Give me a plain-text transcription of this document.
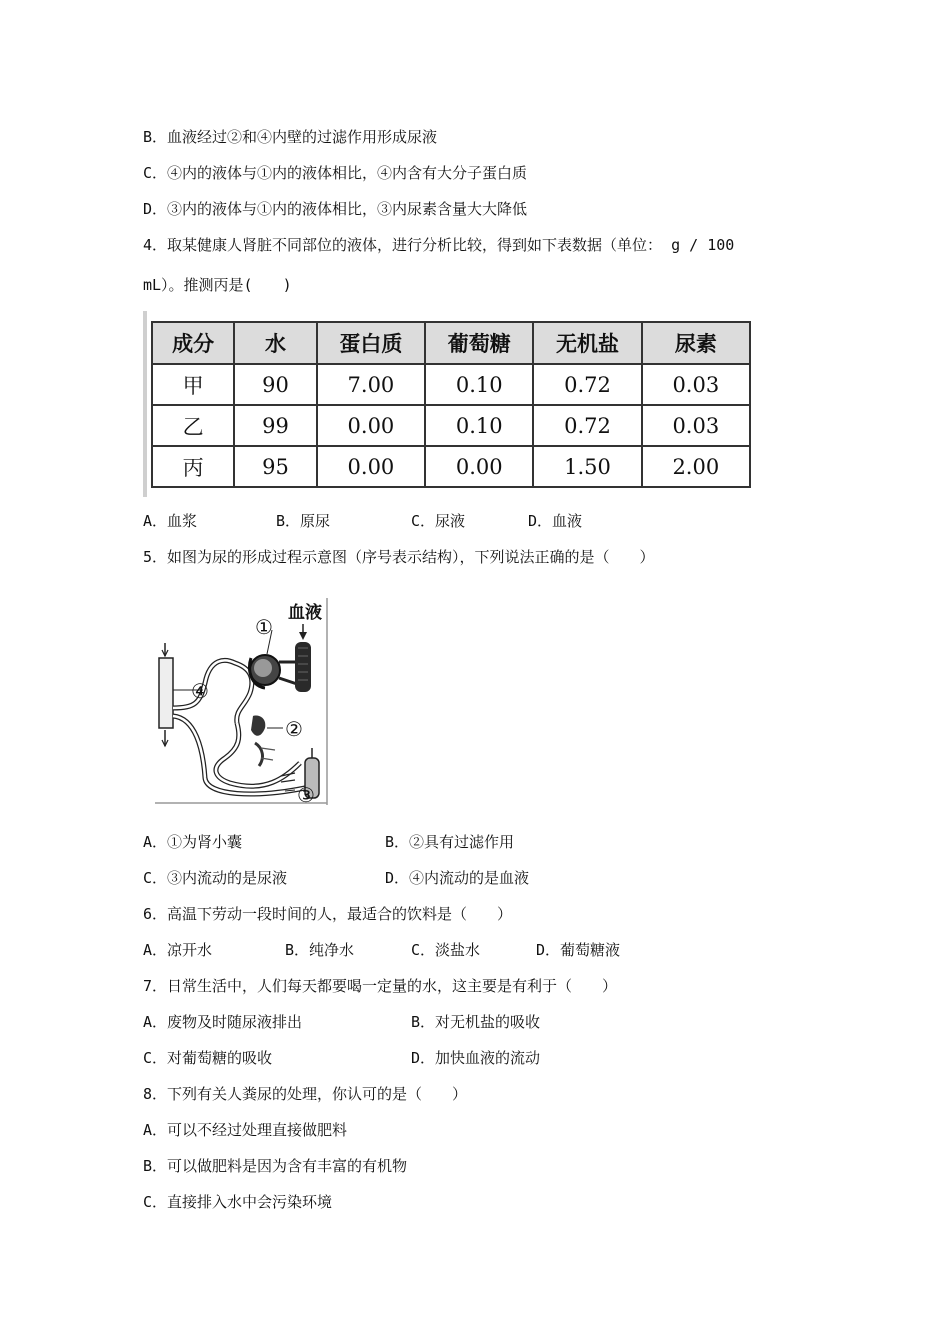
B．血液经过②和④内壁的过滤作用形成尿液
C．④内的液体与①内的液体相比，④内含有大分子蛋白质
D．③内的液体与①内的液体相比，③内尿素含量大大降低
4．取某健康人肾脏不同部位的液体，进行分析比较，得到如下表数据（单位： g / 100
mL）。推测丙是(　　)
成分	水	蛋白质	葡萄糖	无机盐	尿素
甲	90	7.00	0.10	0.72	0.03
乙	99	0.00	0.10	0.72	0.03
丙	95	0.00	0.00	1.50	2.00
A．血浆	B．原尿	C．尿液	D．血液
5．如图为尿的形成过程示意图（序号表示结构），下列说法正确的是（　　）
血液
①
④
②
③
A．①为肾小囊	B．②具有过滤作用
C．③内流动的是尿液	D．④内流动的是血液
6．高温下劳动一段时间的人，最适合的饮料是（　　）
A．凉开水	B．纯净水	C．淡盐水	D．葡萄糖液
7．日常生活中，人们每天都要喝一定量的水，这主要是有利于（　　）
A．废物及时随尿液排出	B．对无机盐的吸收
C．对葡萄糖的吸收	D．加快血液的流动
8．下列有关人粪尿的处理，你认可的是（　　）
A．可以不经过处理直接做肥料
B．可以做肥料是因为含有丰富的有机物
C．直接排入水中会污染环境
